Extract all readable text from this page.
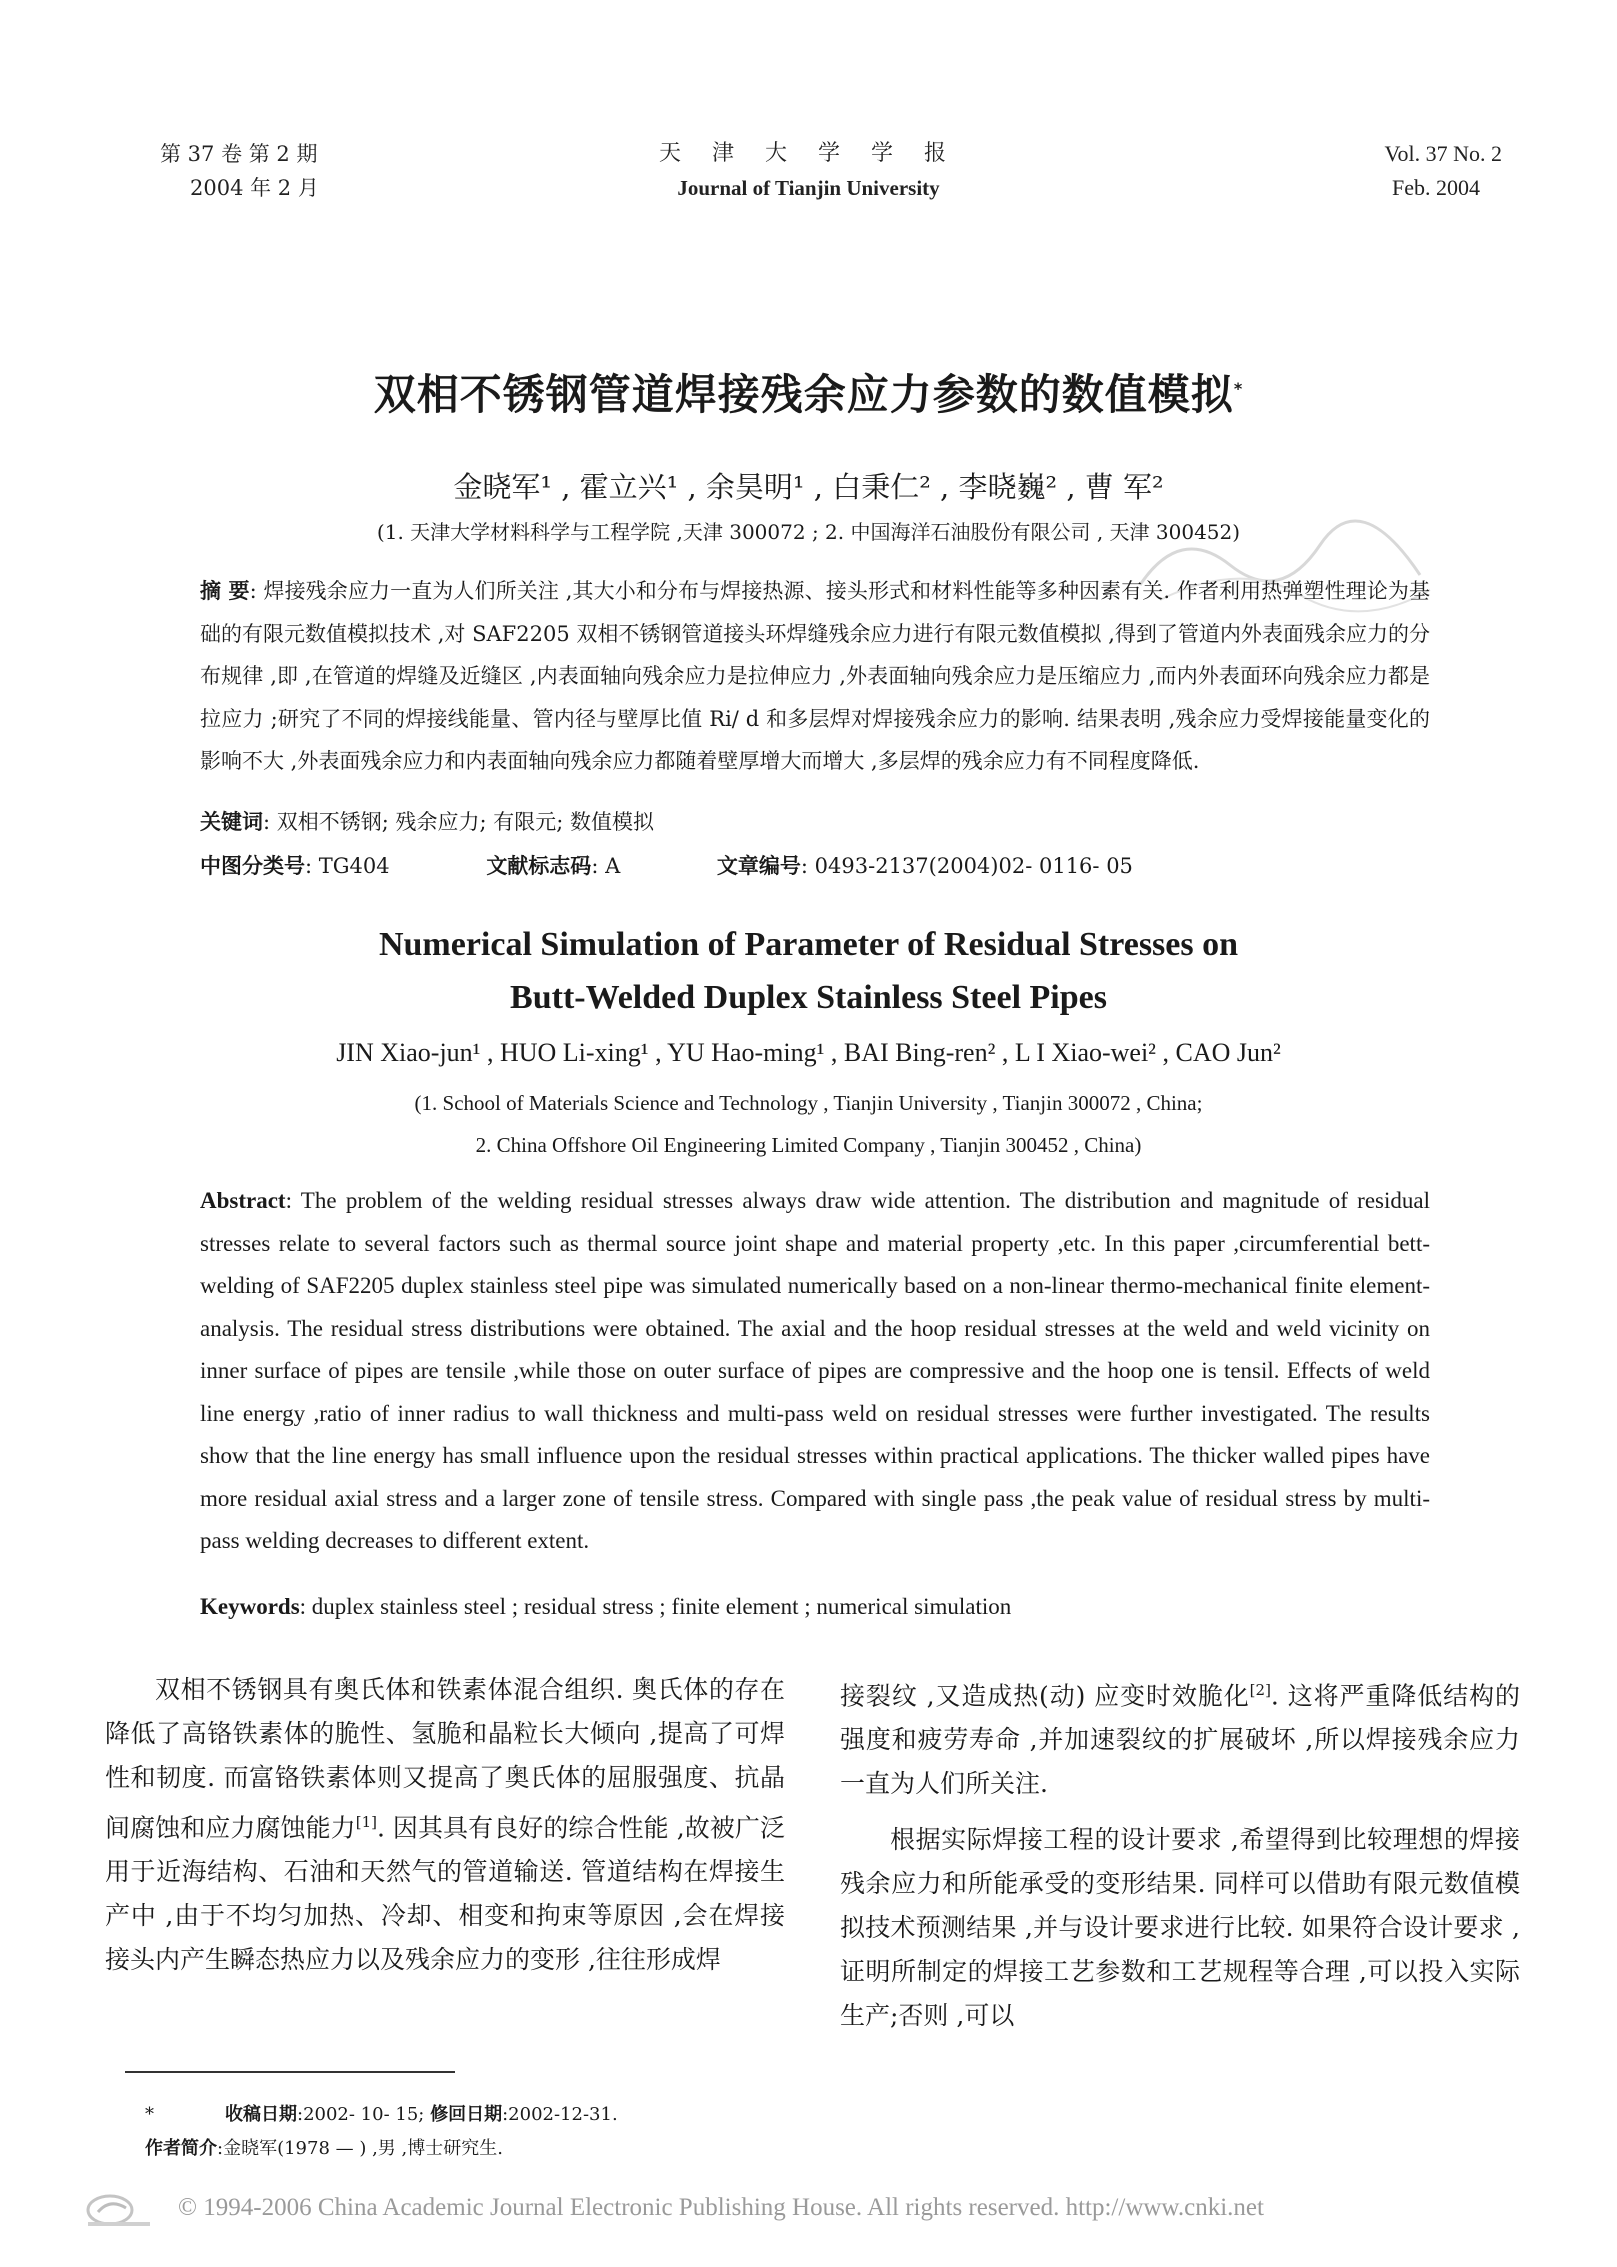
第 37 卷 第 2 期
2004 年 2 月
天 津 大 学 学 报
Journal of Tianjin University
Vol. 37 No. 2
Feb. 2004
双相不锈钢管道焊接残余应力参数的数值模拟*
金晓军¹ , 霍立兴¹ , 余昊明¹ , 白秉仁² , 李晓巍² , 曹 军²
(1. 天津大学材料科学与工程学院 ,天津 300072 ; 2. 中国海洋石油股份有限公司 , 天津 300452)
摘 要: 焊接残余应力一直为人们所关注 ,其大小和分布与焊接热源、接头形式和材料性能等多种因素有关. 作者利用热弹塑性理论为基础的有限元数值模拟技术 ,对 SAF2205 双相不锈钢管道接头环焊缝残余应力进行有限元数值模拟 ,得到了管道内外表面残余应力的分布规律 ,即 ,在管道的焊缝及近缝区 ,内表面轴向残余应力是拉伸应力 ,外表面轴向残余应力是压缩应力 ,而内外表面环向残余应力都是拉应力 ;研究了不同的焊接线能量、管内径与壁厚比值 Ri/ d 和多层焊对焊接残余应力的影响. 结果表明 ,残余应力受焊接能量变化的影响不大 ,外表面残余应力和内表面轴向残余应力都随着壁厚增大而增大 ,多层焊的残余应力有不同程度降低.
关键词: 双相不锈钢; 残余应力; 有限元; 数值模拟
中图分类号: TG404	文献标志码: A	文章编号: 0493-2137(2004)02- 0116- 05
Numerical Simulation of Parameter of Residual Stresses on
Butt-Welded Duplex Stainless Steel Pipes
JIN Xiao-jun¹ , HUO Li-xing¹ , YU Hao-ming¹ , BAI Bing-ren² , L I Xiao-wei² , CAO Jun²
(1. School of Materials Science and Technology , Tianjin University , Tianjin 300072 , China;
2. China Offshore Oil Engineering Limited Company , Tianjin 300452 , China)
Abstract: The problem of the welding residual stresses always draw wide attention. The distribution and magnitude of residual stresses relate to several factors such as thermal source joint shape and material property ,etc. In this paper ,circumferential bett-welding of SAF2205 duplex stainless steel pipe was simulated numerically based on a non-linear thermo-mechanical finite element-analysis. The residual stress distributions were obtained. The axial and the hoop residual stresses at the weld and weld vicinity on inner surface of pipes are tensile ,while those on outer surface of pipes are compressive and the hoop one is tensil. Effects of weld line energy ,ratio of inner radius to wall thickness and multi-pass weld on residual stresses were further investigated. The results show that the line energy has small influence upon the residual stresses within practical applications. The thicker walled pipes have more residual axial stress and a larger zone of tensile stress. Compared with single pass ,the peak value of residual stress by multi-pass welding decreases to different extent.
Keywords: duplex stainless steel ; residual stress ; finite element ; numerical simulation

双相不锈钢具有奥氏体和铁素体混合组织. 奥氏体的存在降低了高铬铁素体的脆性、氢脆和晶粒长大倾向 ,提高了可焊性和韧度. 而富铬铁素体则又提高了奥氏体的屈服强度、抗晶间腐蚀和应力腐蚀能力[1]. 因其具有良好的综合性能 ,故被广泛用于近海结构、石油和天然气的管道输送. 管道结构在焊接生产中 ,由于不均匀加热、冷却、相变和拘束等原因 ,会在焊接接头内产生瞬态热应力以及残余应力的变形 ,往往形成焊

接裂纹 ,又造成热(动) 应变时效脆化[2]. 这将严重降低结构的强度和疲劳寿命 ,并加速裂纹的扩展破坏 ,所以焊接残余应力一直为人们所关注.

根据实际焊接工程的设计要求 ,希望得到比较理想的焊接残余应力和所能承受的变形结果. 同样可以借助有限元数值模拟技术预测结果 ,并与设计要求进行比较. 如果符合设计要求 ,证明所制定的焊接工艺参数和工艺规程等合理 ,可以投入实际生产;否则 ,可以

*	收稿日期:2002- 10- 15; 修回日期:2002-12-31.
作者简介:金晓军(1978 — ) ,男 ,博士研究生.
© 1994-2006 China Academic Journal Electronic Publishing House. All rights reserved. http://www.cnki.net
